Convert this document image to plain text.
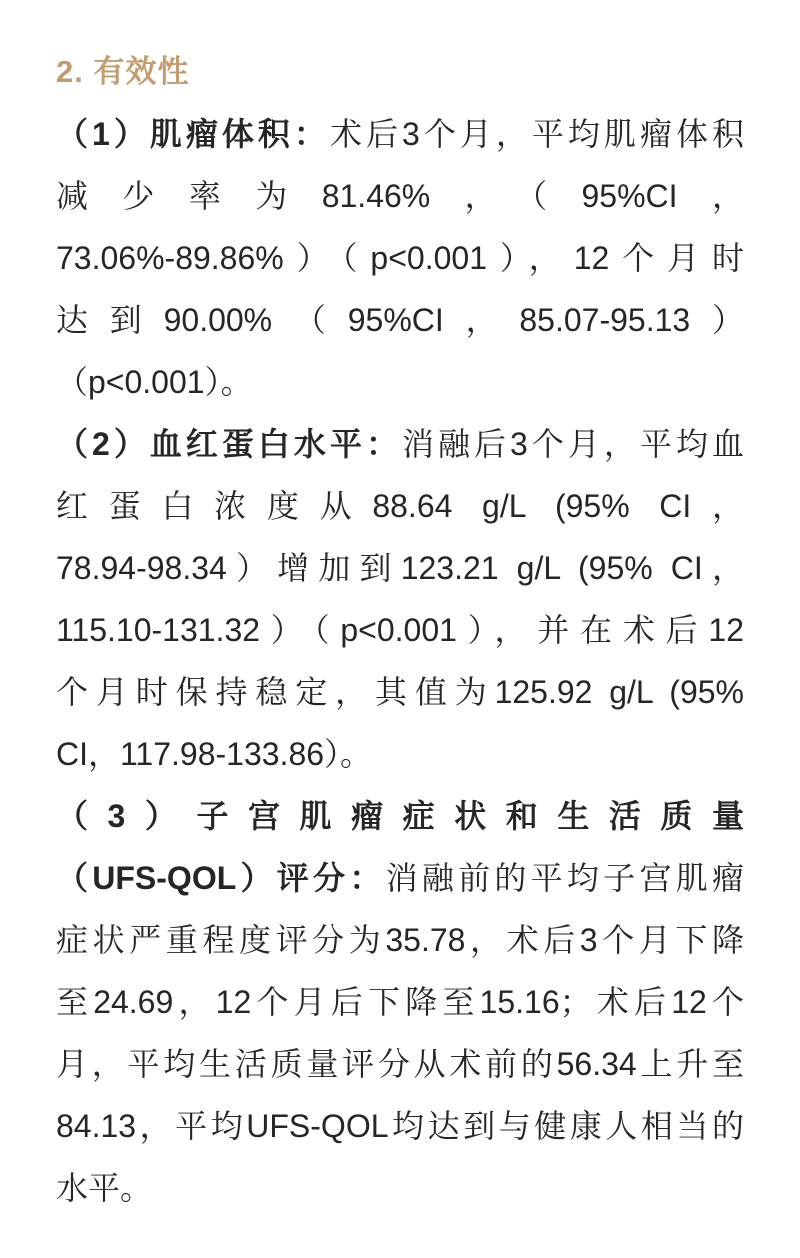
2. 有效性
（1）肌瘤体积：术后3个月，平均肌瘤体积
减少率为81.46%，（95%CI，
73.06%-89.86%）（p<0.001），12个月时
达到90.00%（95%CI，85.07-95.13）
（p<0.001）。
（2）血红蛋白水平：消融后3个月，平均血
红蛋白浓度从88.64 g/L (95% CI，
78.94-98.34）增加到123.21 g/L (95% CI，
115.10-131.32）（p<0.001），并在术后12
个月时保持稳定，其值为125.92 g/L (95%
CI，117.98-133.86）。
（3）子宫肌瘤症状和生活质量
（UFS-QOL）评分：消融前的平均子宫肌瘤
症状严重程度评分为35.78，术后3个月下降
至24.69，12个月后下降至15.16；术后12个
月，平均生活质量评分从术前的56.34上升至
84.13，平均UFS-QOL均达到与健康人相当的
水平。
